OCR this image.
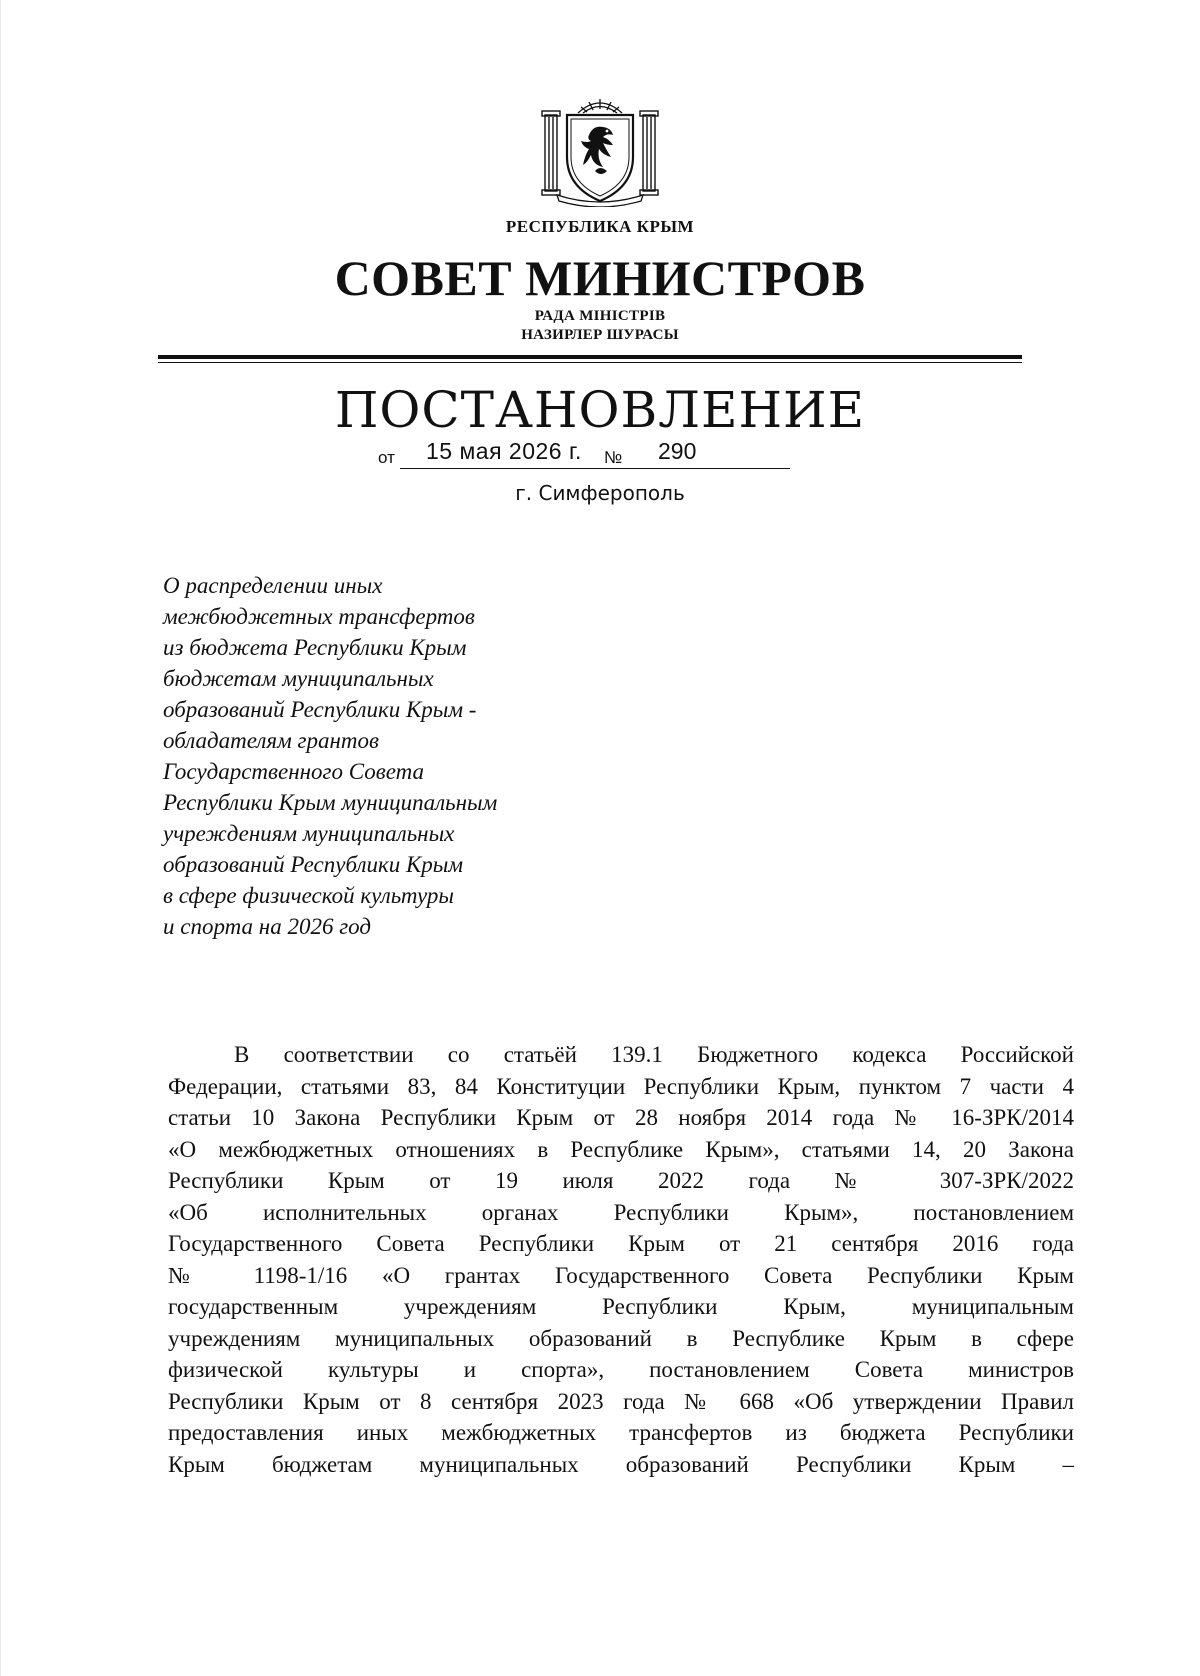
РЕСПУБЛИКА КРЫМ
СОВЕТ МИНИСТРОВ
РАДА МІНІСТРІВ
НАЗИРЛЕР ШУРАСЫ
ПОСТАНОВЛЕНИЕ
от 15 мая 2026 г. № 290
г. Симферополь
О распределении иных
межбюджетных трансфертов
из бюджета Республики Крым
бюджетам муниципальных
образований Республики Крым -
обладателям грантов
Государственного Совета
Республики Крым муниципальным
учреждениям муниципальных
образований Республики Крым
в сфере физической культуры
и спорта на 2026 год
В соответствии со статьёй 139.1 Бюджетного кодекса Российской
Федерации, статьями 83, 84 Конституции Республики Крым, пунктом 7 части 4
статьи 10 Закона Республики Крым от 28 ноября 2014 года № 16-ЗРК/2014
«О межбюджетных отношениях в Республике Крым», статьями 14, 20 Закона
Республики Крым от 19 июля 2022 года № 307-ЗРК/2022
«Об исполнительных органах Республики Крым», постановлением
Государственного Совета Республики Крым от 21 сентября 2016 года
№ 1198-1/16 «О грантах Государственного Совета Республики Крым
государственным учреждениям Республики Крым, муниципальным
учреждениям муниципальных образований в Республике Крым в сфере
физической культуры и спорта», постановлением Совета министров
Республики Крым от 8 сентября 2023 года № 668 «Об утверждении Правил
предоставления иных межбюджетных трансфертов из бюджета Республики
Крым бюджетам муниципальных образований Республики Крым –
